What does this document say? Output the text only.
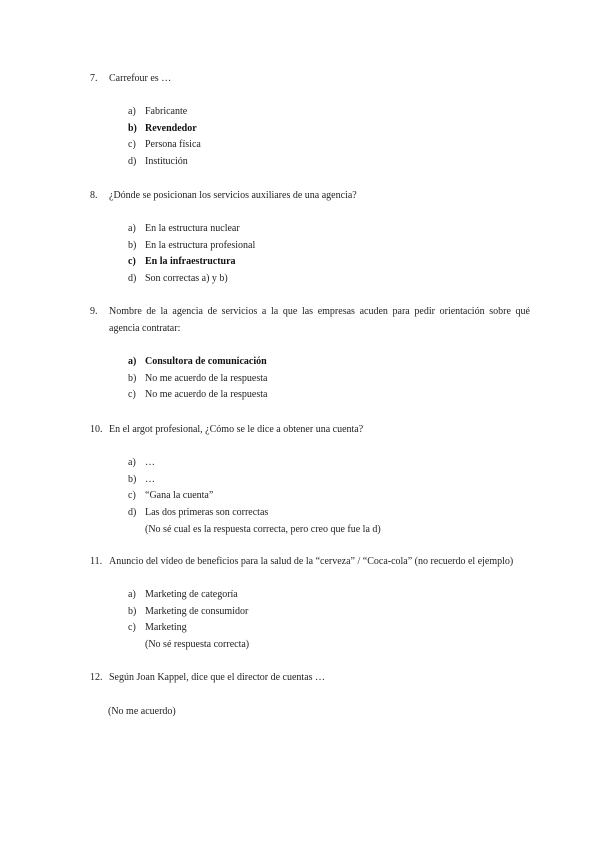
7.	Carrefour es …
a) Fabricante
b) Revendedor
c) Persona física
d) Institución
8.	¿Dónde se posicionan los servicios auxiliares de una agencia?
a) En la estructura nuclear
b) En la estructura profesional
c) En la infraestructura
d) Son correctas a) y b)
9.	Nombre de la agencia de servicios a la que las empresas acuden para pedir orientación sobre qué
agencia contratar:
a) Consultora de comunicación
b) No me acuerdo de la respuesta
c) No me acuerdo de la respuesta
10. En el argot profesional, ¿Cómo se le dice a obtener una cuenta?
a) …
b) …
c) “Gana la cuenta”
d) Las dos primeras son correctas
(No sé cual es la respuesta correcta, pero creo que fue la d)
11. Anuncio del vídeo de beneficios para la salud de la “cerveza” / “Coca-cola” (no recuerdo el ejemplo)
a) Marketing de categoría
b) Marketing de consumidor
c) Marketing
(No sé respuesta correcta)
12. Según Joan Kappel, dice que el director de cuentas …
(No me acuerdo)
